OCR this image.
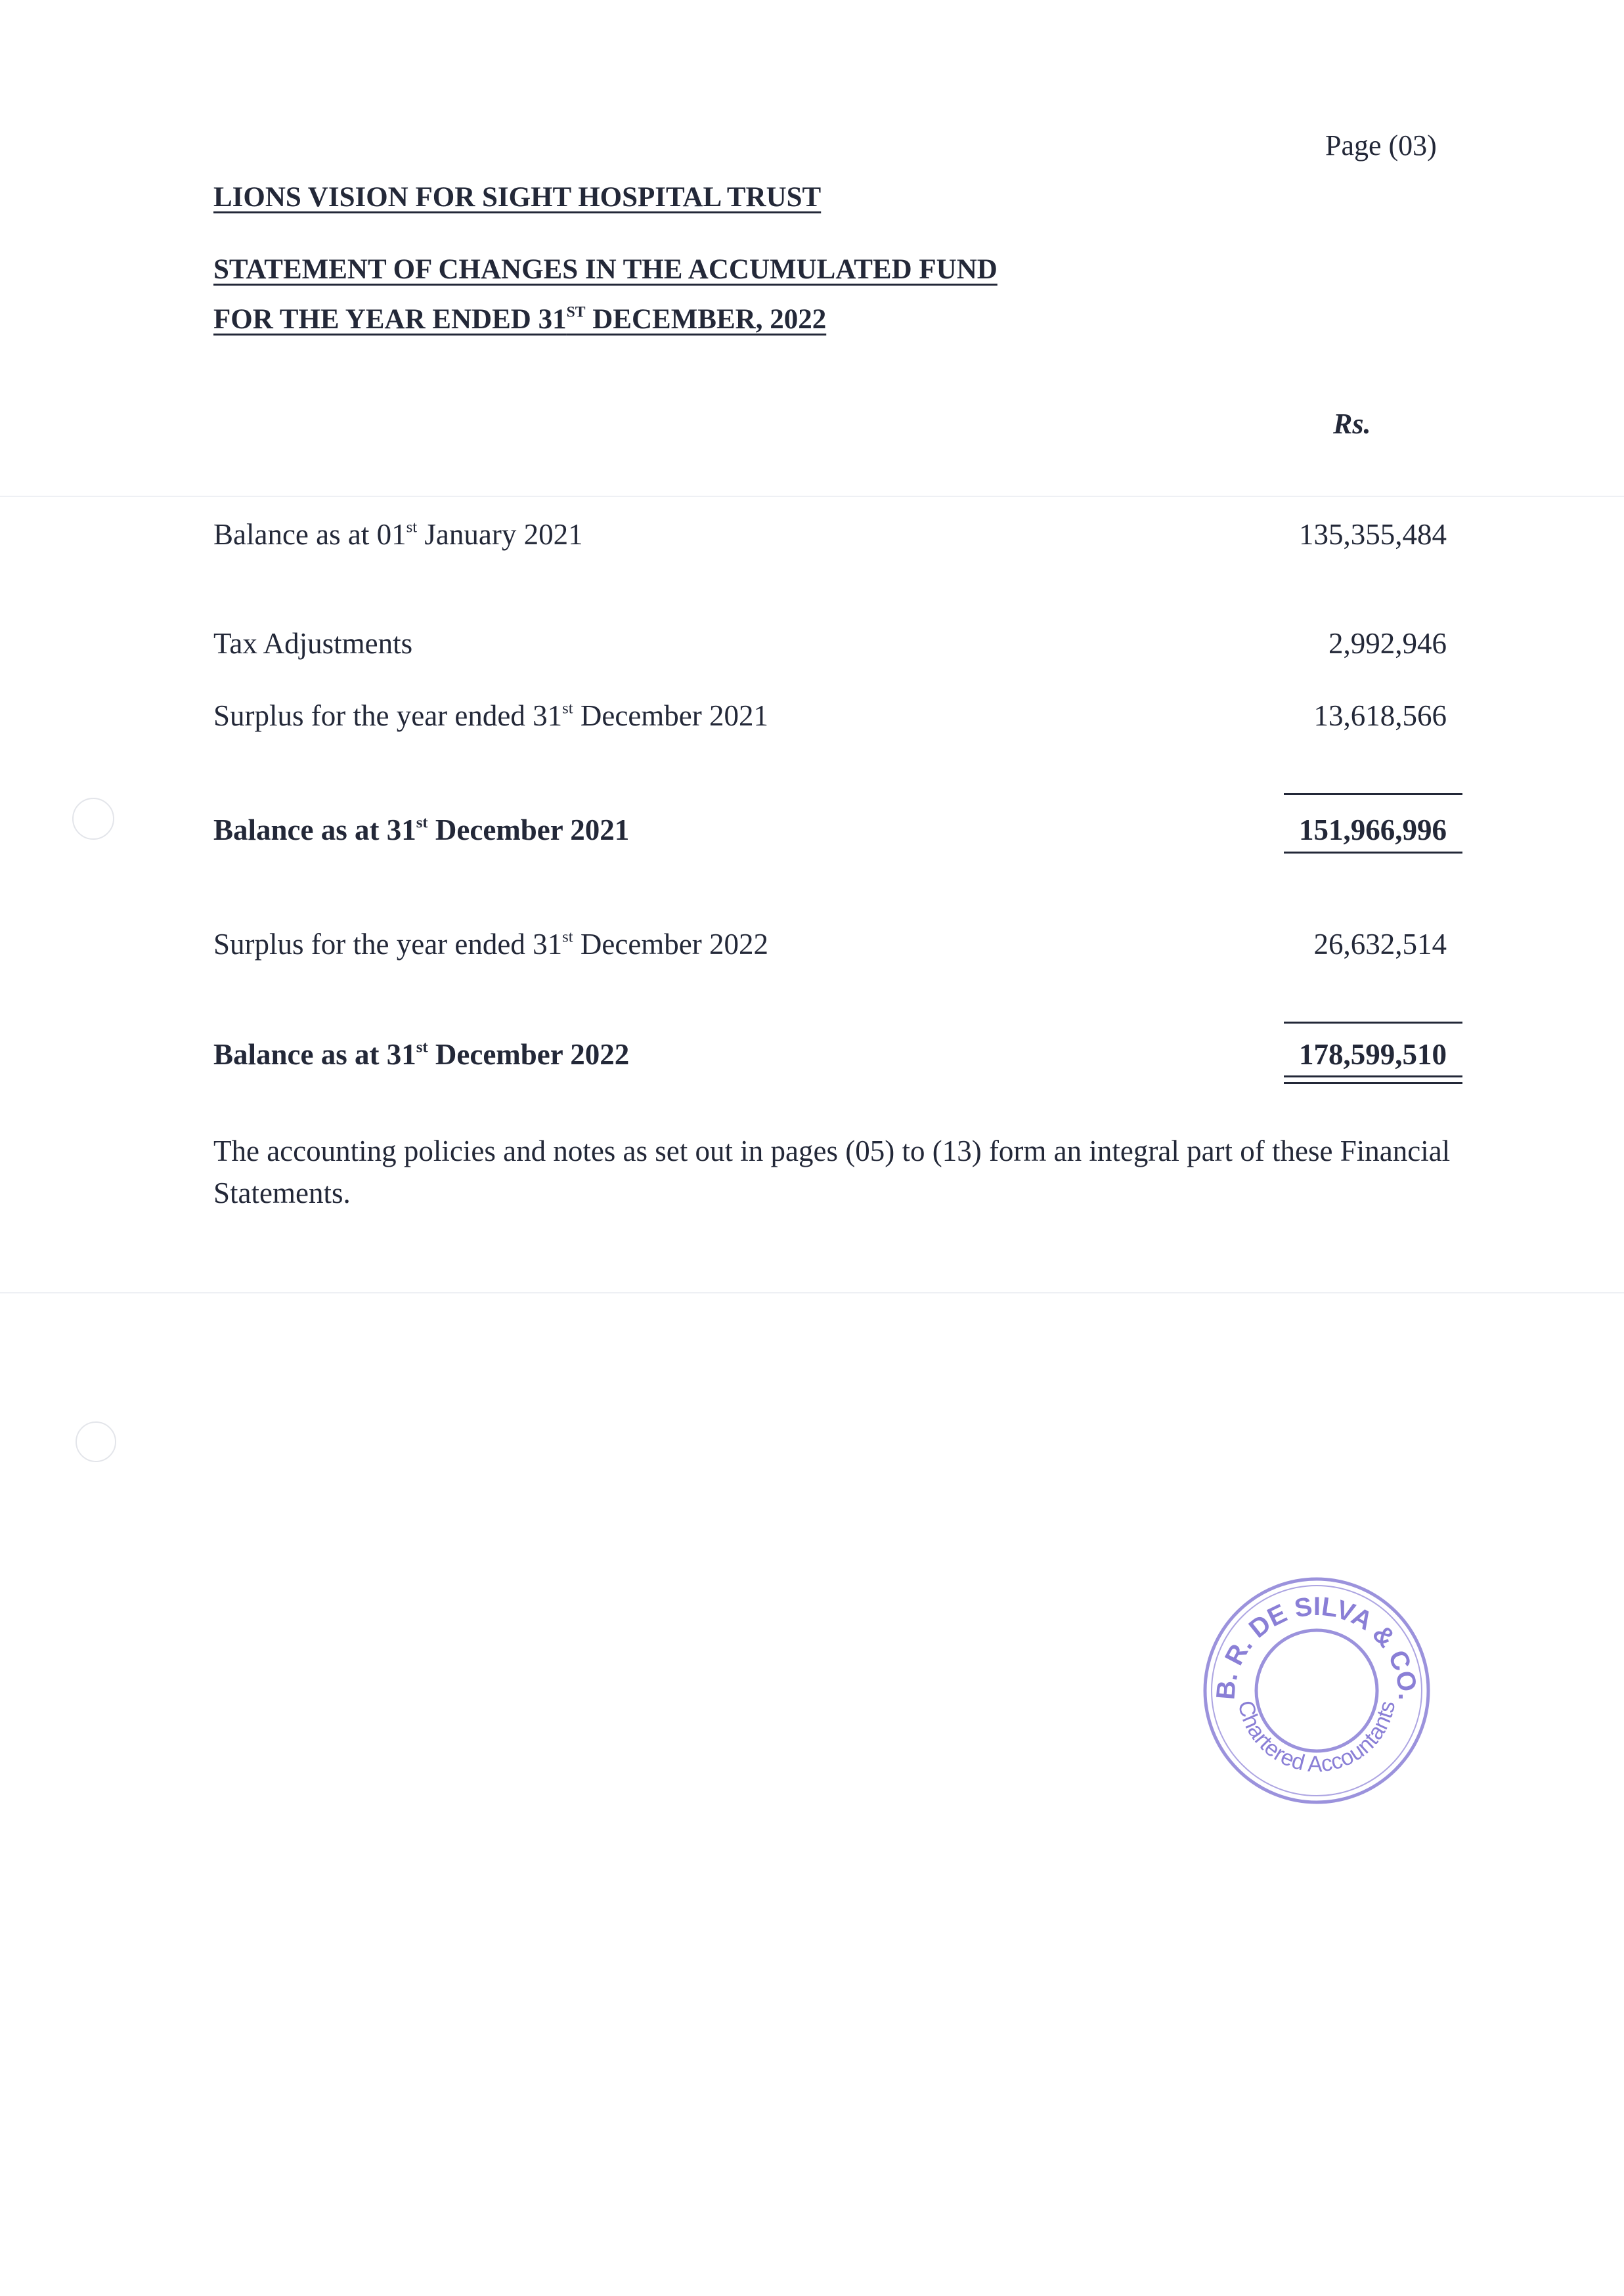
Page (03)
LIONS VISION FOR SIGHT HOSPITAL TRUST
STATEMENT OF CHANGES IN THE ACCUMULATED FUND
FOR THE YEAR ENDED 31ST DECEMBER, 2022
Rs.
Balance as at 01st January 2021	135,355,484
Tax Adjustments	2,992,946
Surplus for the year ended 31st December 2021	13,618,566
Balance as at 31st December 2021	151,966,996
Surplus for the year ended 31st December 2022	26,632,514
Balance as at 31st December 2022	178,599,510
The accounting policies and notes as set out in pages (05) to (13) form an integral part of these Financial Statements.
B. R. DE SILVA & CO.
Chartered Accountants
